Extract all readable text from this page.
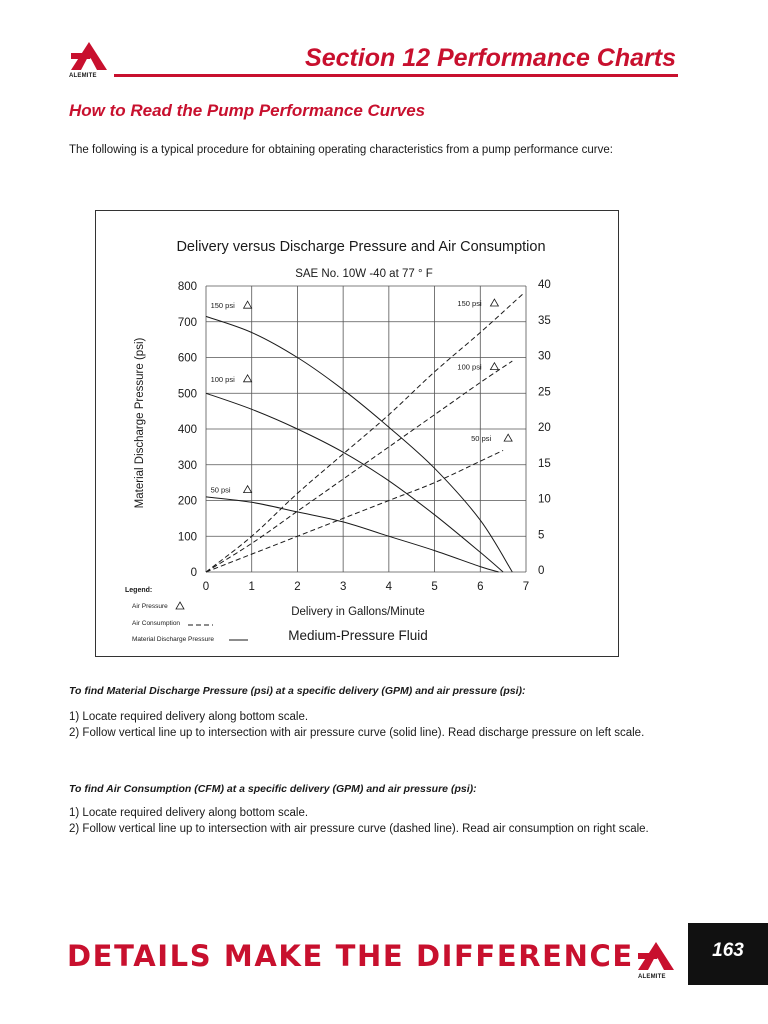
ALEMITE
Section 12 Performance Charts
How to Read the Pump Performance Curves
The following is a typical procedure for obtaining operating characteristics from a pump performance curve:
Delivery versus Discharge Pressure and Air Consumption
SAE No. 10W -40 at 77 ° F
0	1	2	3	4	5	6	7
0
100
200
300
400
500
600
700
800
0
5
10
15
20
25
30
35
40
150 psi
100 psi
50 psi
150 psi
100 psi
50 psi
Material Discharge Pressure (psi)
Delivery in Gallons/Minute
Medium-Pressure Fluid
Legend:
Air Pressure
Air Consumption
Material Discharge Pressure
To find Material Discharge Pressure (psi) at a specific delivery (GPM) and air pressure (psi):
1) Locate required delivery along bottom scale.
2) Follow vertical line up to intersection with air pressure curve (solid line). Read discharge pressure on left scale.
To find Air Consumption (CFM) at a specific delivery (GPM) and air pressure (psi):
1) Locate required delivery along bottom scale.
2) Follow vertical line up to intersection with air pressure curve (dashed line). Read air consumption on right scale.
DETAILS MAKE THE DIFFERENCE
ALEMITE
163
